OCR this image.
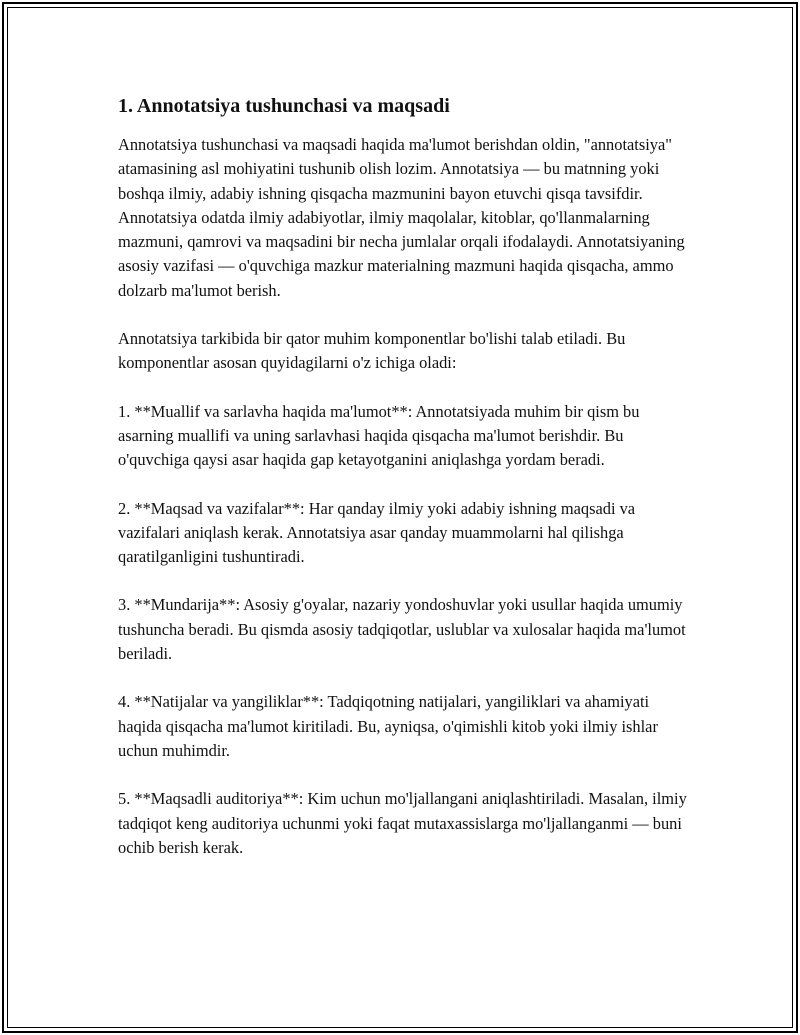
1. Annotatsiya tushunchasi va maqsadi

Annotatsiya tushunchasi va maqsadi haqida ma'lumot berishdan oldin, "annotatsiya" atamasining asl mohiyatini tushunib olish lozim. Annotatsiya — bu matnning yoki boshqa ilmiy, adabiy ishning qisqacha mazmunini bayon etuvchi qisqa tavsifdir. Annotatsiya odatda ilmiy adabiyotlar, ilmiy maqolalar, kitoblar, qo'llanmalarning mazmuni, qamrovi va maqsadini bir necha jumlalar orqali ifodalaydi. Annotatsiyaning asosiy vazifasi — o'quvchiga mazkur materialning mazmuni haqida qisqacha, ammo dolzarb ma'lumot berish.

Annotatsiya tarkibida bir qator muhim komponentlar bo'lishi talab etiladi. Bu komponentlar asosan quyidagilarni o'z ichiga oladi:

1. **Muallif va sarlavha haqida ma'lumot**: Annotatsiyada muhim bir qism bu asarning muallifi va uning sarlavhasi haqida qisqacha ma'lumot berishdir. Bu o'quvchiga qaysi asar haqida gap ketayotganini aniqlashga yordam beradi.

2. **Maqsad va vazifalar**: Har qanday ilmiy yoki adabiy ishning maqsadi va vazifalari aniqlash kerak. Annotatsiya asar qanday muammolarni hal qilishga qaratilganligini tushuntiradi.

3. **Mundarija**: Asosiy g'oyalar, nazariy yondoshuvlar yoki usullar haqida umumiy tushuncha beradi. Bu qismda asosiy tadqiqotlar, uslublar va xulosalar haqida ma'lumot beriladi.

4. **Natijalar va yangiliklar**: Tadqiqotning natijalari, yangiliklari va ahamiyati haqida qisqacha ma'lumot kiritiladi. Bu, ayniqsa, o'qimishli kitob yoki ilmiy ishlar uchun muhimdir.

5. **Maqsadli auditoriya**: Kim uchun mo'ljallangani aniqlashtiriladi. Masalan, ilmiy tadqiqot keng auditoriya uchunmi yoki faqat mutaxassislarga mo'ljallanganmi — buni ochib berish kerak.
